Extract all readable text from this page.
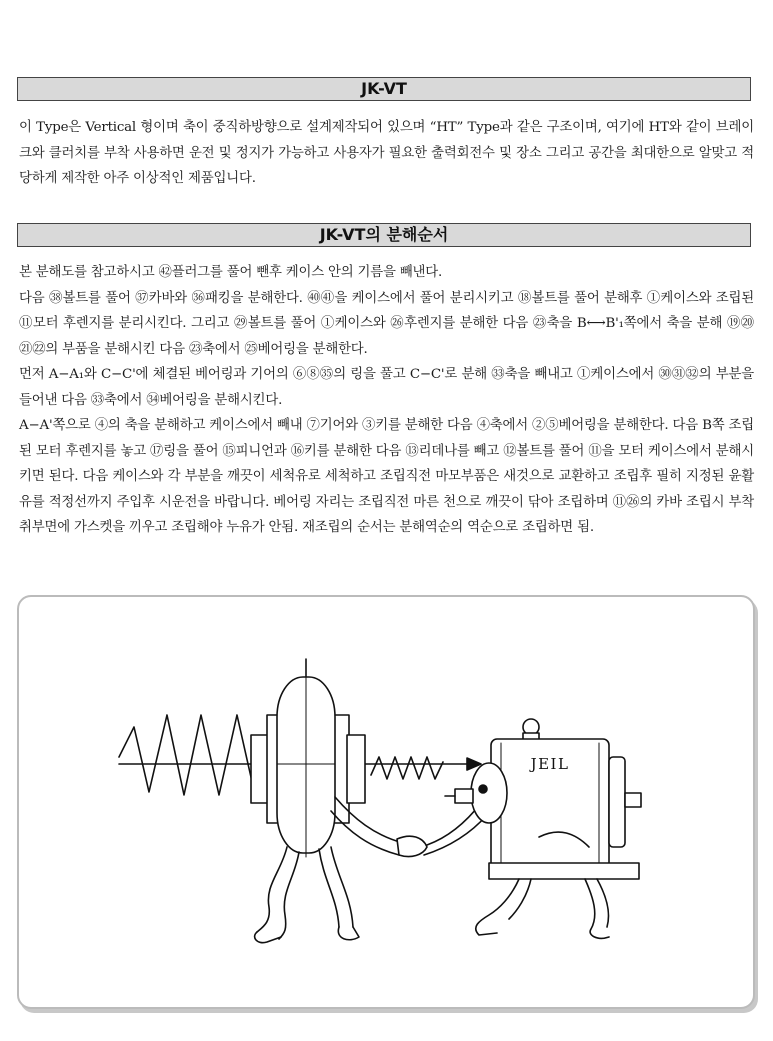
JK-VT

이 Type은 Vertical 형이며 축이 중직하방향으로 설계제작되어 있으며 “HT” Type과 같은 구조이며, 여기에 HT와 같이 브레이크와 클러치를 부착 사용하면 운전 및 정지가 가능하고 사용자가 필요한 출력회전수 및 장소 그리고 공간을 최대한으로 알맞고 적당하게 제작한 아주 이상적인 제품입니다.

JK-VT의 분해순서

본 분해도를 참고하시고 ㊷플러그를 풀어 뺀후 케이스 안의 기름을 빼낸다.

다음 ㊳볼트를 풀어 ㊲카바와 ㊱패킹을 분해한다. ㊵㊶을 케이스에서 풀어 분리시키고 ⑱볼트를 풀어 분해후 ①케이스와 조립된 ⑪모터 후렌지를 분리시킨다. 그리고 ㉙볼트를 풀어 ①케이스와 ㉖후렌지를 분해한 다음 ㉓축을 B⟷B'₁쪽에서 축을 분해 ⑲⑳㉑㉒의 부품을 분해시킨 다음 ㉓축에서 ㉕베어링을 분해한다.

먼저 A−A₁와 C−C'에 체결된 베어링과 기어의 ⑥⑧㉟의 링을 풀고 C−C'로 분해 ㉝축을 빼내고 ①케이스에서 ㉚㉛㉜의 부분을 들어낸 다음 ㉝축에서 ㉞베어링을 분해시킨다.

A−A'쪽으로 ④의 축을 분해하고 케이스에서 빼내 ⑦기어와 ③키를 분해한 다음 ④축에서 ②⑤베어링을 분해한다. 다음 B쪽 조립된 모터 후렌지를 놓고 ⑰링을 풀어 ⑮피니언과 ⑯키를 분해한 다음 ⑬리데나를 빼고 ⑫볼트를 풀어 ⑪을 모터 케이스에서 분해시키면 된다. 다음 케이스와 각 부분을 깨끗이 세척유로 세척하고 조립직전 마모부품은 새것으로 교환하고 조립후 필히 지정된 윤활유를 적정선까지 주입후 시운전을 바랍니다. 베어링 자리는 조립직전 마른 천으로 깨끗이 닦아 조립하며 ⑪㉖의 카바 조립시 부착 취부면에 가스켓을 끼우고 조립해야 누유가 안됨. 재조립의 순서는 분해역순의 역순으로 조립하면 됨.

JEIL
